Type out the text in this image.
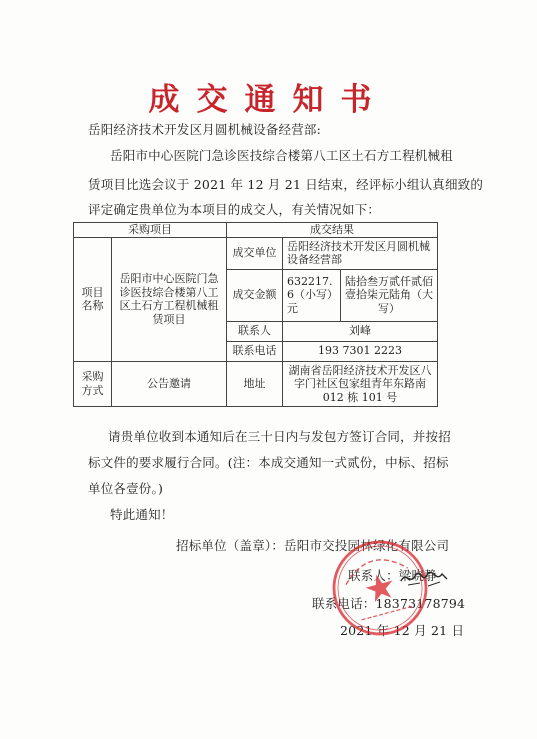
成交通知书
岳阳经济技术开发区月圆机械设备经营部:
岳阳市中心医院门急诊医技综合楼第八工区土石方工程机械租
赁项目比选会议于 2021 年 12 月 21 日结束，经评标小组认真细致的
评定确定贵单位为本项目的成交人，有关情况如下：
采购项目		成交结果		
项目名称	岳阳市中心医院门急诊医技综合楼第八工区土石方工程机械租赁项目	成交单位	岳阳经济技术开发区月圆机械设备经营部	
		成交金额	632217. 6（小写）元	陆拾叁万贰仟贰佰壹拾柒元陆角（大写）
		联系人	刘峰	
		联系电话	193 7301 2223	
采购方式	公告邀请	地址	湖南省岳阳经济技术开发区八字门社区包家组青年东路南 012 栋 101 号	
请贵单位收到本通知后在三十日内与发包方签订合同，并按招
标文件的要求履行合同。(注：本成交通知一式贰份，中标、招标
单位各壹份。)
特此通知！
招标单位（盖章）：岳阳市交投园林绿化有限公司
联系人：梁晓静
联系电话：18373178794
2021 年 12 月 21 日
